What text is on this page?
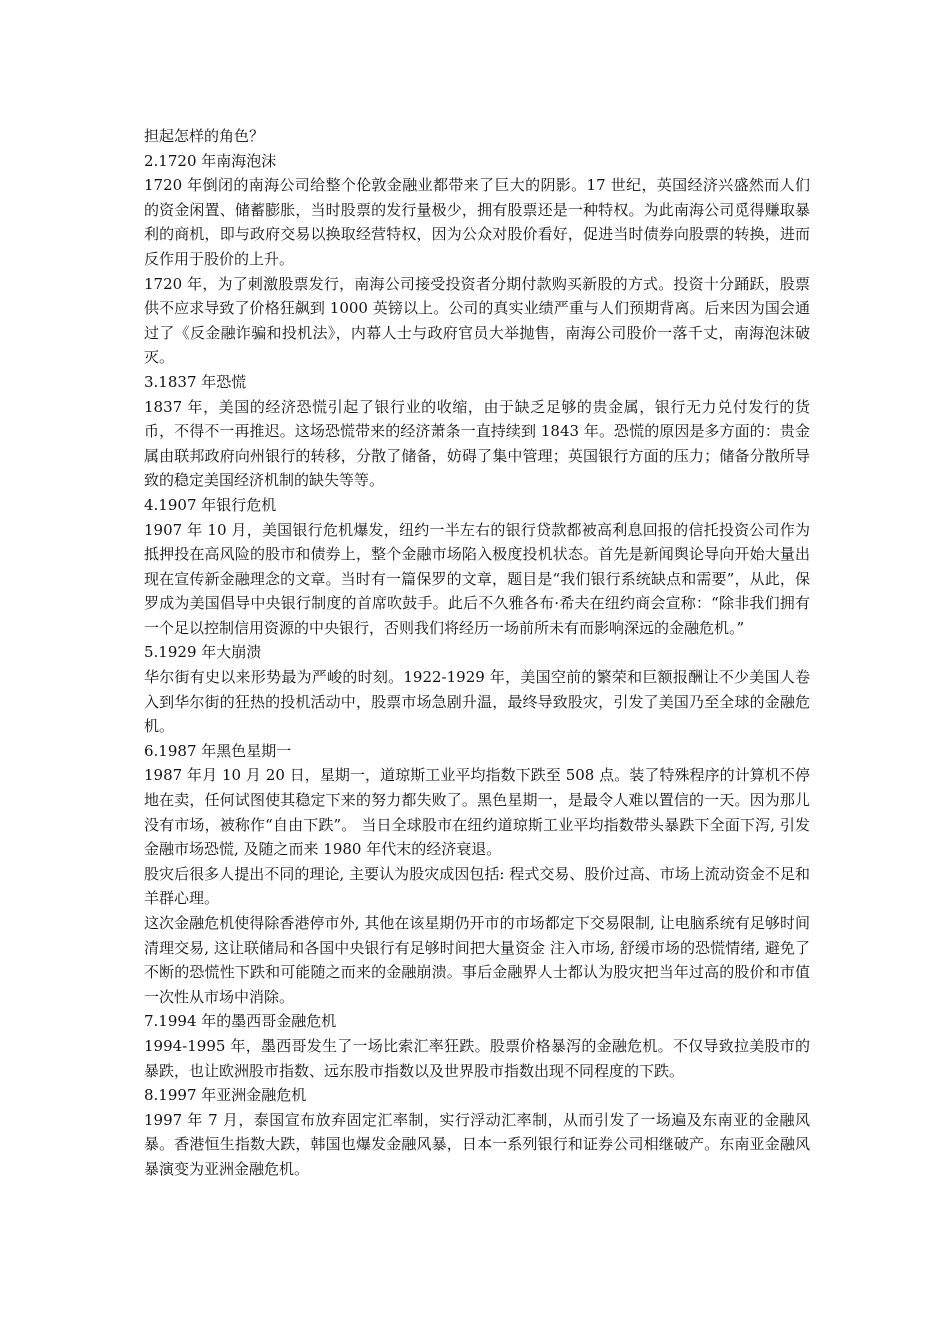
担起怎样的角色？

2.1720 年南海泡沫

1720 年倒闭的南海公司给整个伦敦金融业都带来了巨大的阴影。17 世纪，英国经济兴盛然而人们的资金闲置、储蓄膨胀，当时股票的发行量极少，拥有股票还是一种特权。为此南海公司觅得赚取暴利的商机，即与政府交易以换取经营特权，因为公众对股价看好，促进当时债券向股票的转换，进而反作用于股价的上升。

1720 年，为了刺激股票发行，南海公司接受投资者分期付款购买新股的方式。投资十分踊跃，股票供不应求导致了价格狂飙到 1000 英镑以上。公司的真实业绩严重与人们预期背离。后来因为国会通过了《反金融诈骗和投机法》，内幕人士与政府官员大举抛售，南海公司股价一落千丈，南海泡沫破灭。

3.1837 年恐慌

1837 年，美国的经济恐慌引起了银行业的收缩，由于缺乏足够的贵金属，银行无力兑付发行的货币，不得不一再推迟。这场恐慌带来的经济萧条一直持续到 1843 年。恐慌的原因是多方面的：贵金属由联邦政府向州银行的转移，分散了储备，妨碍了集中管理；英国银行方面的压力；储备分散所导致的稳定美国经济机制的缺失等等。

4.1907 年银行危机

1907 年 10 月，美国银行危机爆发，纽约一半左右的银行贷款都被高利息回报的信托投资公司作为抵押投在高风险的股市和债券上，整个金融市场陷入极度投机状态。首先是新闻舆论导向开始大量出现在宣传新金融理念的文章。当时有一篇保罗的文章，题目是“我们银行系统缺点和需要”，从此，保罗成为美国倡导中央银行制度的首席吹鼓手。此后不久雅各布·希夫在纽约商会宣称：“除非我们拥有一个足以控制信用资源的中央银行，否则我们将经历一场前所未有而影响深远的金融危机。”

5.1929 年大崩溃

华尔街有史以来形势最为严峻的时刻。1922-1929 年，美国空前的繁荣和巨额报酬让不少美国人卷入到华尔街的狂热的投机活动中，股票市场急剧升温，最终导致股灾，引发了美国乃至全球的金融危机。

6.1987 年黑色星期一

1987 年月 10 月 20 日，星期一，道琼斯工业平均指数下跌至 508 点。装了特殊程序的计算机不停地在卖，任何试图使其稳定下来的努力都失败了。黑色星期一，是最令人难以置信的一天。因为那儿没有市场，被称作“自由下跌”。 当日全球股市在纽约道琼斯工业平均指数带头暴跌下全面下泻, 引发金融市场恐慌, 及随之而来 1980 年代末的经济衰退。

股灾后很多人提出不同的理论, 主要认为股灾成因包括: 程式交易、股价过高、市场上流动资金不足和羊群心理。

这次金融危机使得除香港停市外, 其他在该星期仍开市的市场都定下交易限制, 让电脑系统有足够时间清理交易, 这让联储局和各国中央银行有足够时间把大量资金 注入市场, 舒缓市场的恐慌情绪, 避免了不断的恐慌性下跌和可能随之而来的金融崩溃。事后金融界人士都认为股灾把当年过高的股价和市值一次性从市场中消除。

7.1994 年的墨西哥金融危机

1994-1995 年，墨西哥发生了一场比索汇率狂跌。股票价格暴泻的金融危机。不仅导致拉美股市的暴跌，也让欧洲股市指数、远东股市指数以及世界股市指数出现不同程度的下跌。

8.1997 年亚洲金融危机

1997 年 7 月，泰国宣布放弃固定汇率制，实行浮动汇率制，从而引发了一场遍及东南亚的金融风暴。香港恒生指数大跌，韩国也爆发金融风暴，日本一系列银行和证券公司相继破产。东南亚金融风暴演变为亚洲金融危机。
